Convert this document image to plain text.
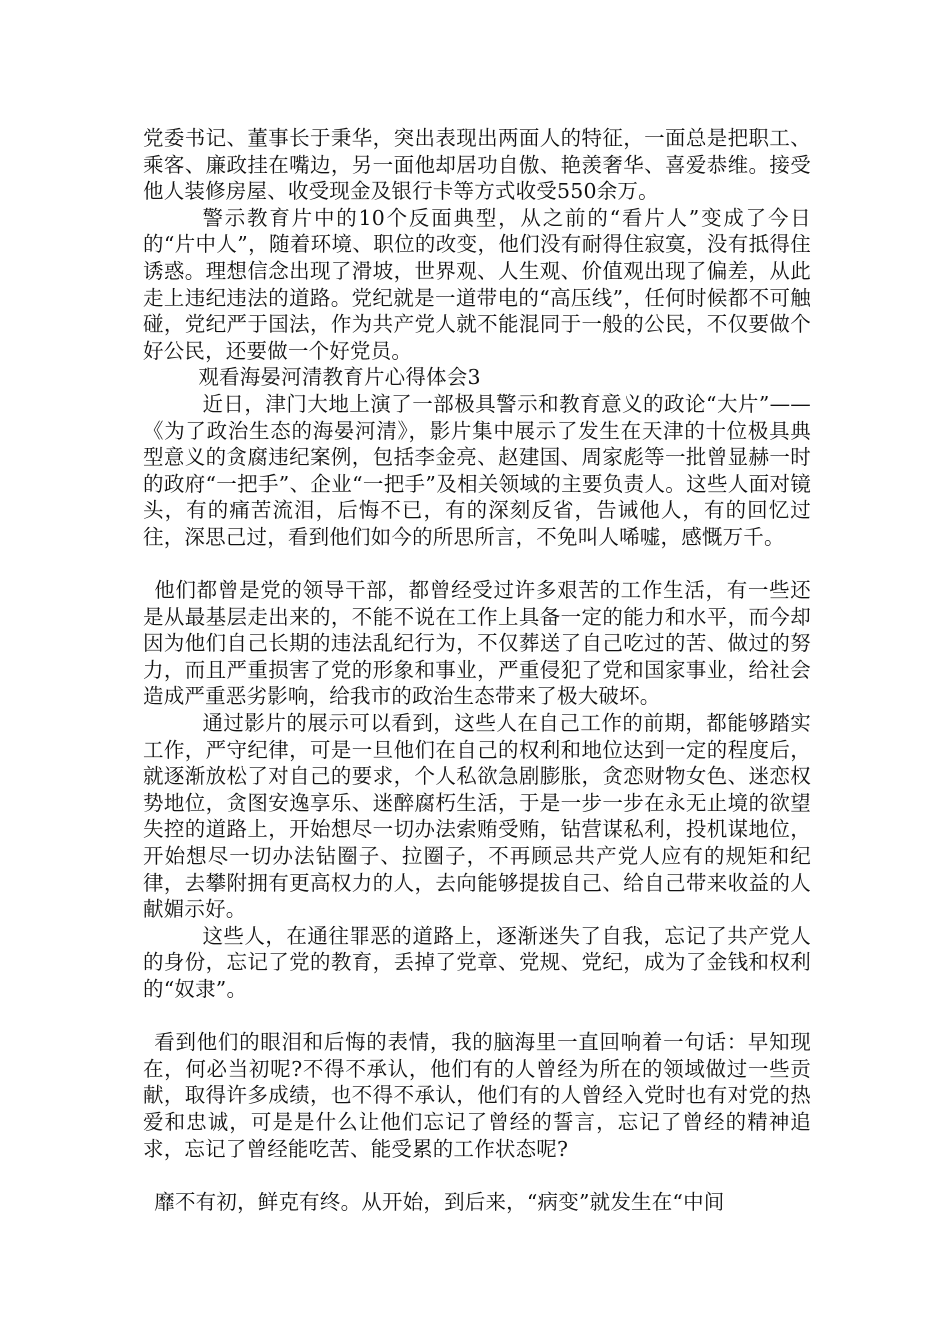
党委书记、董事长于秉华，突出表现出两面人的特征，一面总是把职工、乘客、廉政挂在嘴边，另一面他却居功自傲、艳羡奢华、喜爱恭维。接受他人装修房屋、收受现金及银行卡等方式收受550余万。

警示教育片中的10个反面典型，从之前的“看片人”变成了今日的“片中人”，随着环境、职位的改变，他们没有耐得住寂寞，没有抵得住诱惑。理想信念出现了滑坡，世界观、人生观、价值观出现了偏差，从此走上违纪违法的道路。党纪就是一道带电的“高压线”，任何时候都不可触碰，党纪严于国法，作为共产党人就不能混同于一般的公民，不仅要做个好公民，还要做一个好党员。

观看海晏河清教育片心得体会3

近日，津门大地上演了一部极具警示和教育意义的政论“大片”——《为了政治生态的海晏河清》，影片集中展示了发生在天津的十位极具典型意义的贪腐违纪案例，包括李金亮、赵建国、周家彪等一批曾显赫一时的政府“一把手”、企业“一把手”及相关领域的主要负责人。这些人面对镜头，有的痛苦流泪，后悔不已，有的深刻反省，告诫他人，有的回忆过往，深思己过，看到他们如今的所思所言，不免叫人唏嘘，感慨万千。

他们都曾是党的领导干部，都曾经受过许多艰苦的工作生活，有一些还是从最基层走出来的，不能不说在工作上具备一定的能力和水平，而今却因为他们自己长期的违法乱纪行为，不仅葬送了自己吃过的苦、做过的努力，而且严重损害了党的形象和事业，严重侵犯了党和国家事业，给社会造成严重恶劣影响，给我市的政治生态带来了极大破坏。

通过影片的展示可以看到，这些人在自己工作的前期，都能够踏实工作，严守纪律，可是一旦他们在自己的权利和地位达到一定的程度后，就逐渐放松了对自己的要求，个人私欲急剧膨胀，贪恋财物女色、迷恋权势地位，贪图安逸享乐、迷醉腐朽生活，于是一步一步在永无止境的欲望失控的道路上，开始想尽一切办法索贿受贿，钻营谋私利，投机谋地位，开始想尽一切办法钻圈子、拉圈子，不再顾忌共产党人应有的规矩和纪律，去攀附拥有更高权力的人，去向能够提拔自己、给自己带来收益的人献媚示好。

这些人，在通往罪恶的道路上，逐渐迷失了自我，忘记了共产党人的身份，忘记了党的教育，丢掉了党章、党规、党纪，成为了金钱和权利的“奴隶”。

看到他们的眼泪和后悔的表情，我的脑海里一直回响着一句话：早知现在，何必当初呢?不得不承认，他们有的人曾经为所在的领域做过一些贡献，取得许多成绩，也不得不承认，他们有的人曾经入党时也有对党的热爱和忠诚，可是是什么让他们忘记了曾经的誓言，忘记了曾经的精神追求，忘记了曾经能吃苦、能受累的工作状态呢?

靡不有初，鲜克有终。从开始，到后来，“病变”就发生在“中间
